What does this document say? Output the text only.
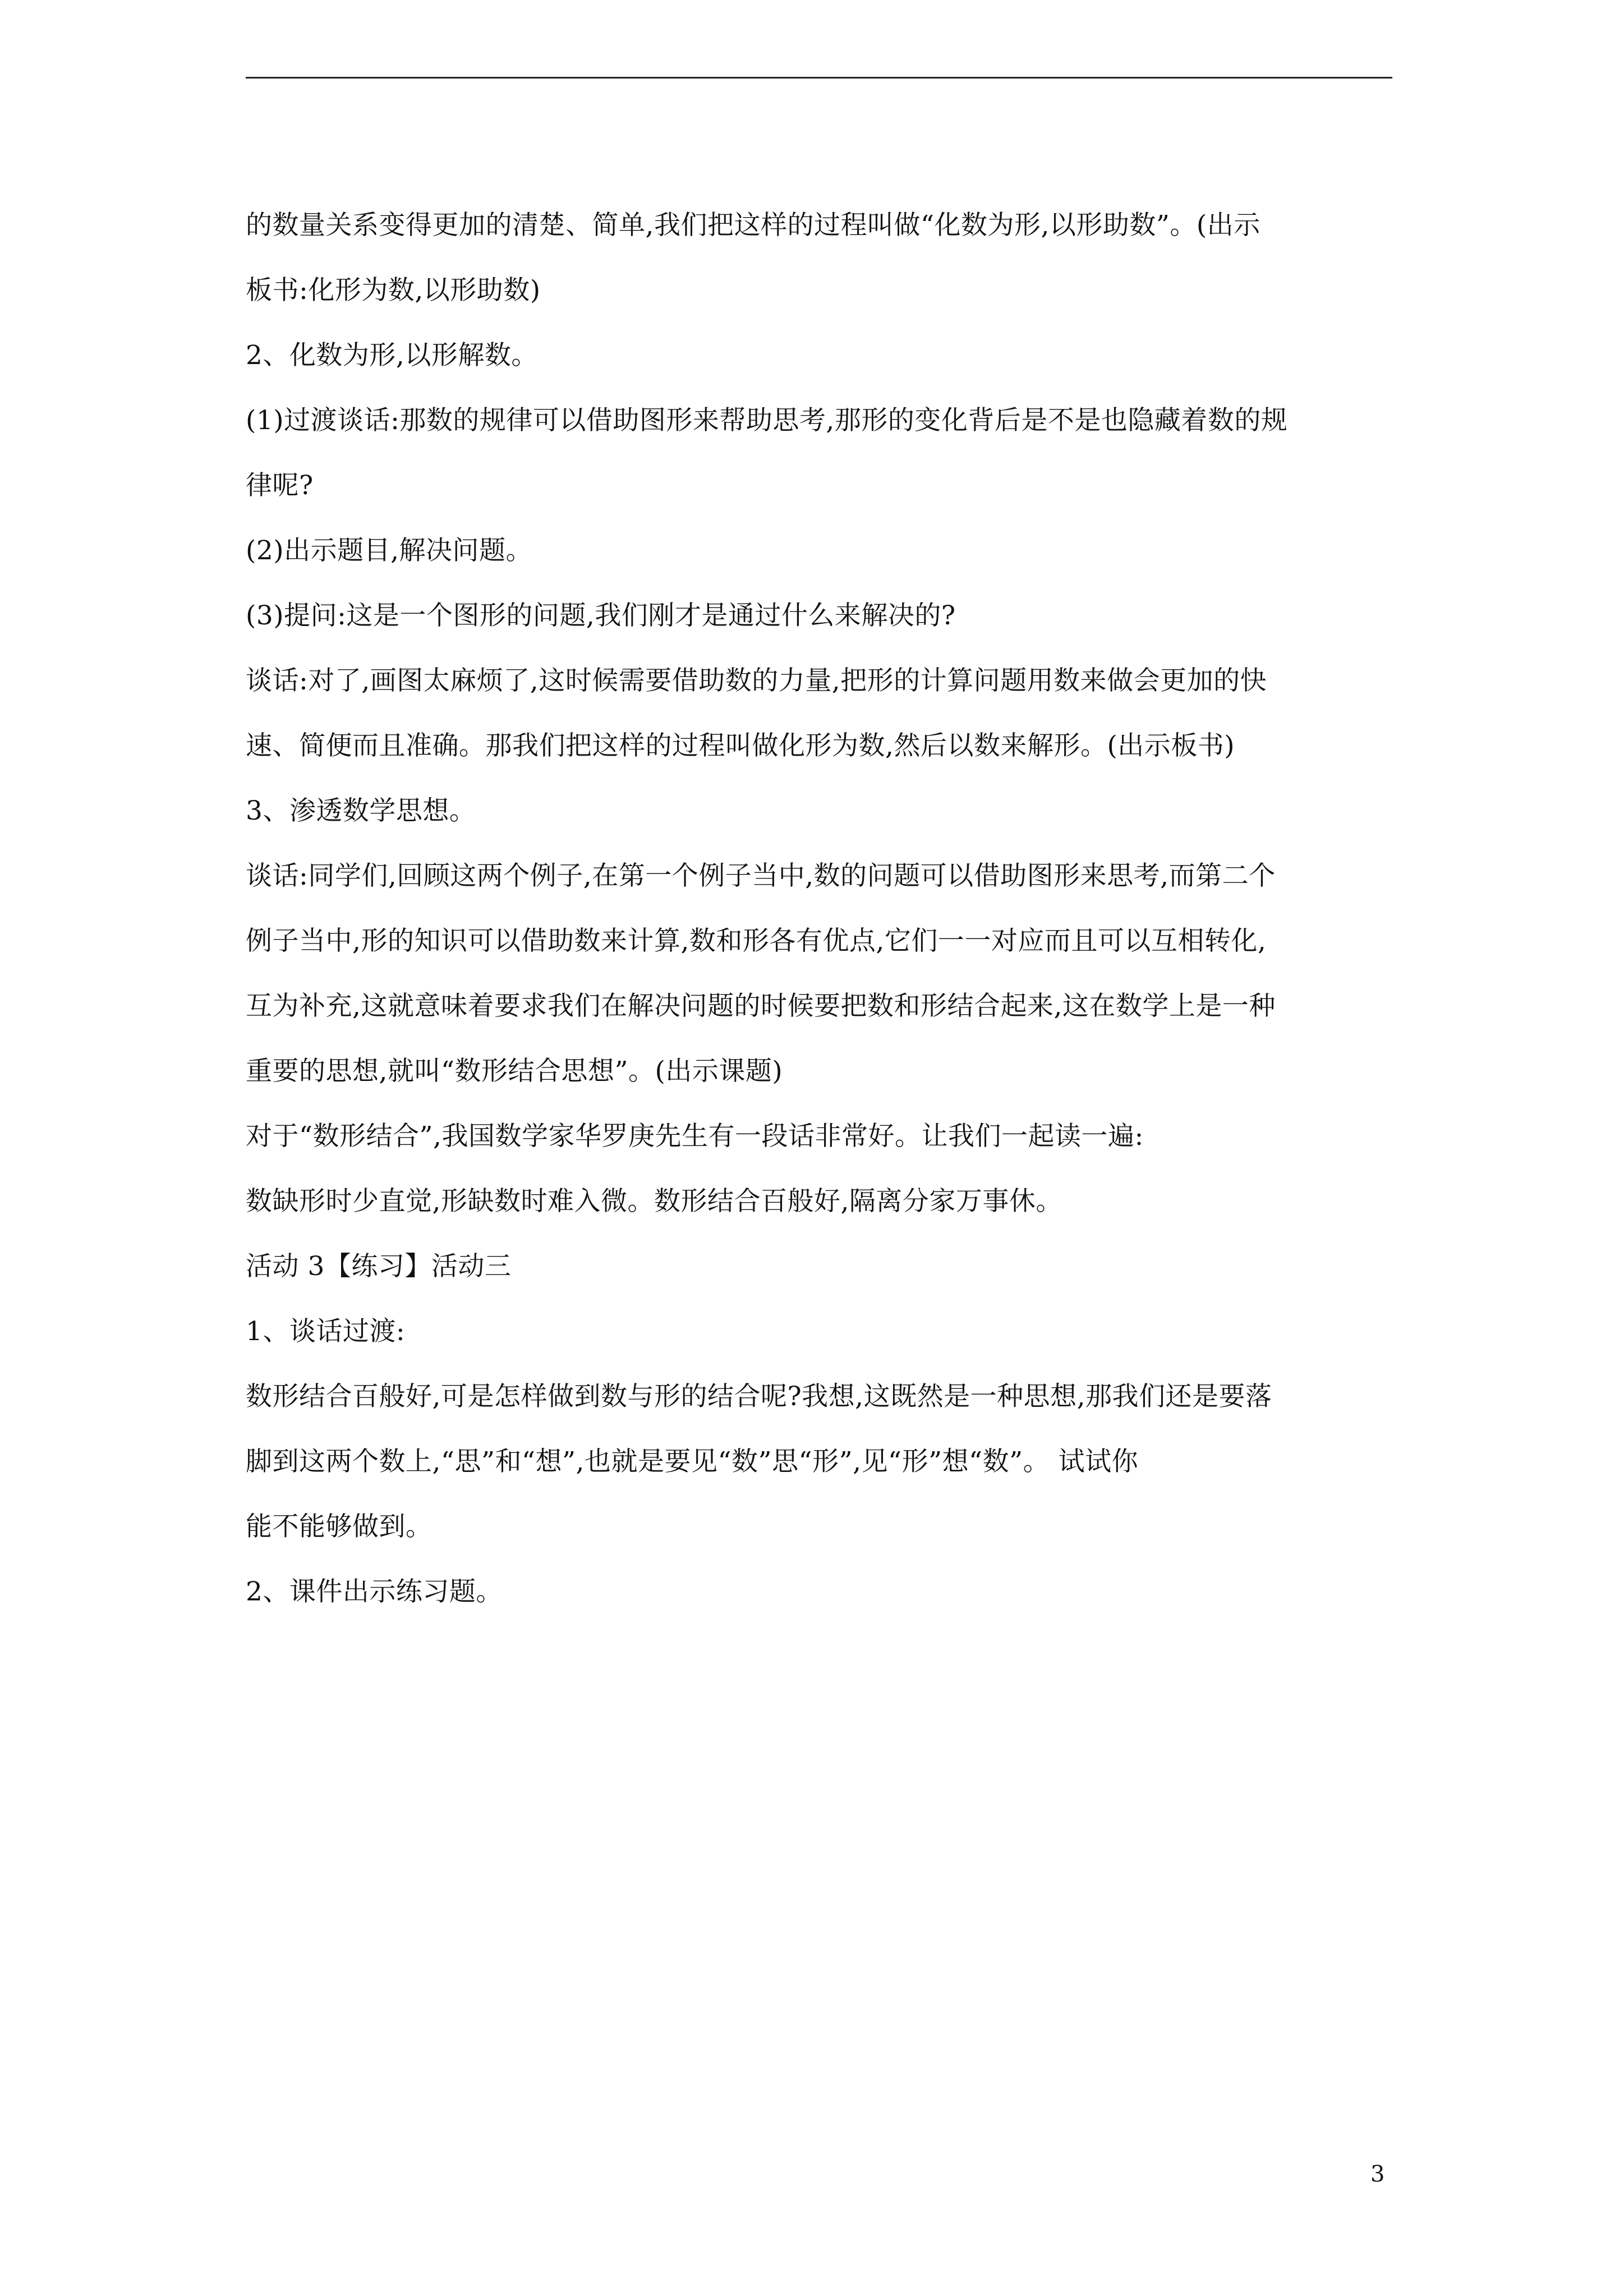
的数量关系变得更加的清楚、简单,我们把这样的过程叫做“化数为形,以形助数”。(出示
板书:化形为数,以形助数)
2、化数为形,以形解数。
(1)过渡谈话:那数的规律可以借助图形来帮助思考,那形的变化背后是不是也隐藏着数的规
律呢?
(2)出示题目,解决问题。
(3)提问:这是一个图形的问题,我们刚才是通过什么来解决的?
谈话:对了,画图太麻烦了,这时候需要借助数的力量,把形的计算问题用数来做会更加的快
速、简便而且准确。那我们把这样的过程叫做化形为数,然后以数来解形。(出示板书)
3、渗透数学思想。
谈话:同学们,回顾这两个例子,在第一个例子当中,数的问题可以借助图形来思考,而第二个
例子当中,形的知识可以借助数来计算,数和形各有优点,它们一一对应而且可以互相转化,
互为补充,这就意味着要求我们在解决问题的时候要把数和形结合起来,这在数学上是一种
重要的思想,就叫“数形结合思想”。(出示课题)
对于“数形结合”,我国数学家华罗庚先生有一段话非常好。让我们一起读一遍:
数缺形时少直觉,形缺数时难入微。数形结合百般好,隔离分家万事休。
活动 3【练习】活动三
1、谈话过渡:
数形结合百般好,可是怎样做到数与形的结合呢?我想,这既然是一种思想,那我们还是要落
脚到这两个数上,“思”和“想”,也就是要见“数”思“形”,见“形”想“数”。 试试你
能不能够做到。
2、课件出示练习题。
3
